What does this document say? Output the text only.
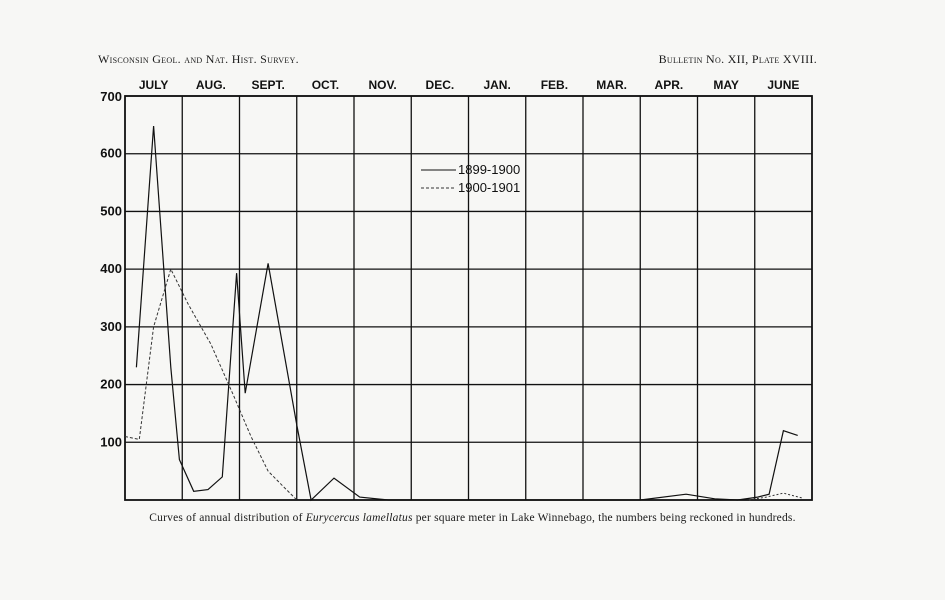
Wisconsin Geol. and Nat. Hist. Survey.	Bulletin No. XII, Plate XVIII.
JULY AUG. SEPT. OCT. NOV. DEC. JAN. FEB. MAR. APR.	MAY JUNE
100
200
300
400
500
600
700
1899-1900
1900-1901
Curves of annual distribution of Eurycercus lamellatus per square meter in Lake Winnebago, the numbers being reckoned in hundreds.
